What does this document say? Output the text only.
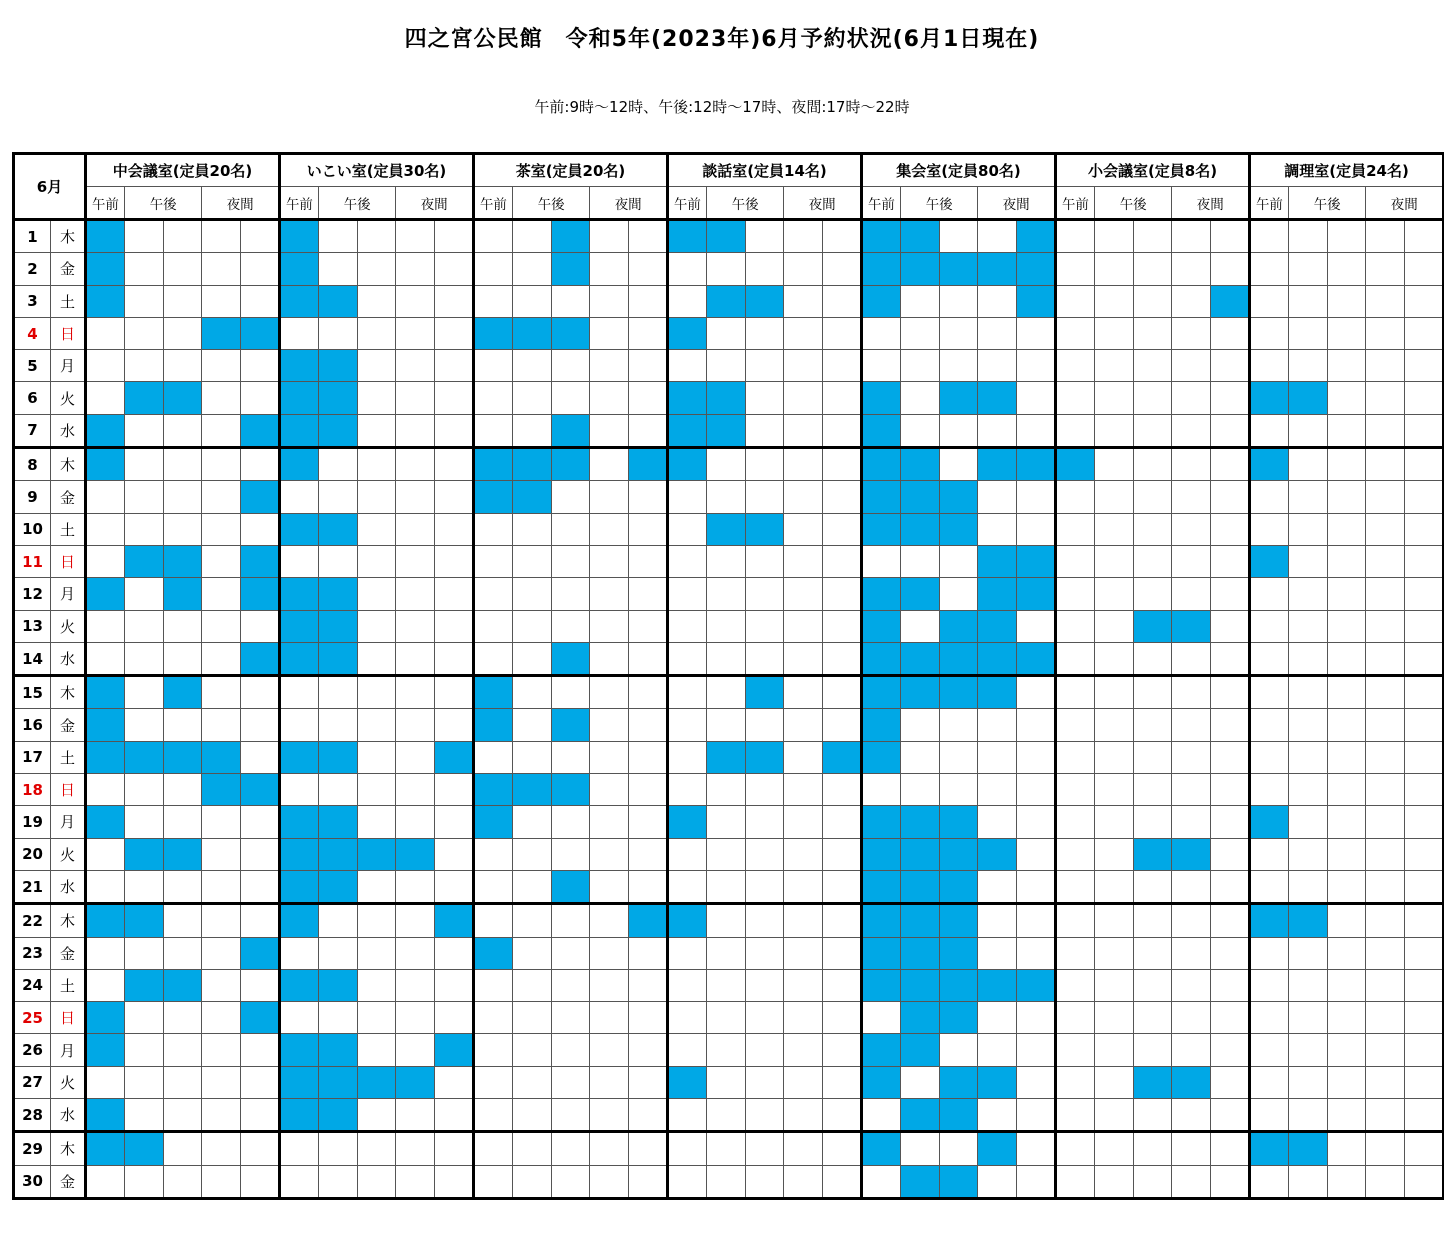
四之宮公民館　令和5年(2023年)6月予約状況(6月1日現在)
午前:9時～12時、午後:12時～17時、夜間:17時～22時
6月		中会議室(定員20名)					いこい室(定員30名)					茶室(定員20名)					談話室(定員14名)					集会室(定員80名)					小会議室(定員8名)					調理室(定員24名)				
		午前	午後		夜間		午前	午後		夜間		午前	午後		夜間		午前	午後		夜間		午前	午後		夜間		午前	午後		夜間		午前	午後		夜間	
1	木																																			
2	金																																			
3	土																																			
4	日																																			
5	月																																			
6	火																																			
7	水																																			
8	木																																			
9	金																																			
10	土																																			
11	日																																			
12	月																																			
13	火																																			
14	水																																			
15	木																																			
16	金																																			
17	土																																			
18	日																																			
19	月																																			
20	火																																			
21	水																																			
22	木																																			
23	金																																			
24	土																																			
25	日																																			
26	月																																			
27	火																																			
28	水																																			
29	木																																			
30	金																																			
